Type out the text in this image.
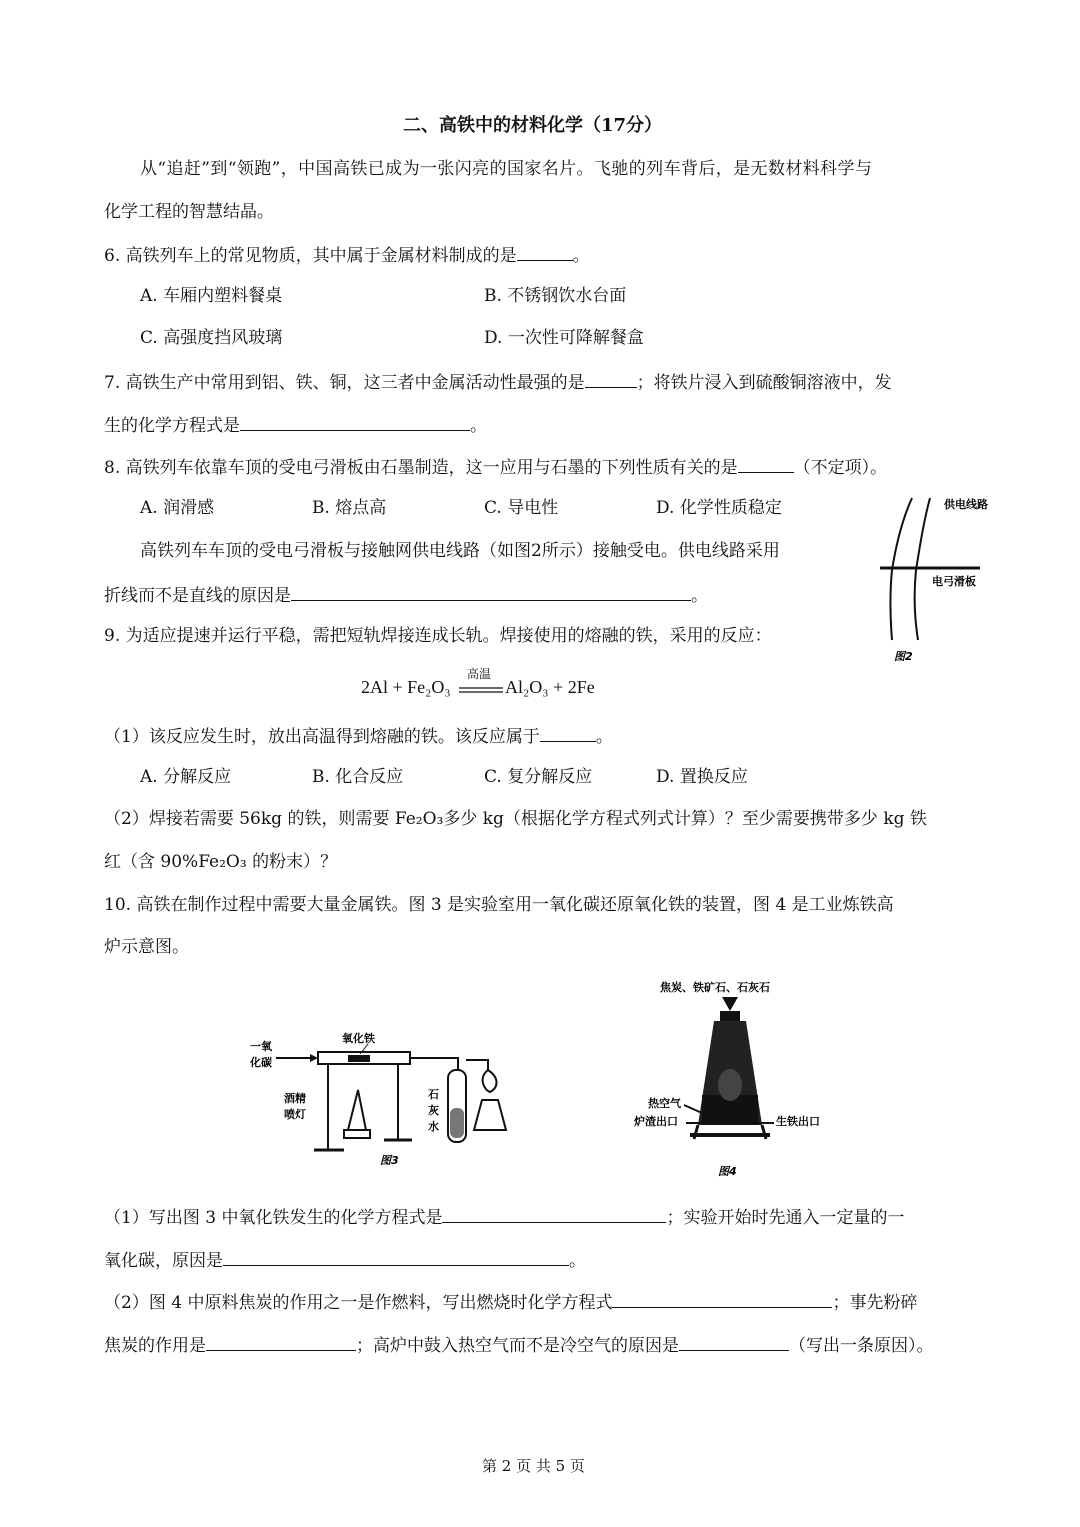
二、高铁中的材料化学（17分）
从“追赶”到“领跑”，中国高铁已成为一张闪亮的国家名片。飞驰的列车背后，是无数材料科学与
化学工程的智慧结晶。
6. 高铁列车上的常见物质，其中属于金属材料制成的是	。
A. 车厢内塑料餐桌	B. 不锈钢饮水台面
C. 高强度挡风玻璃	D. 一次性可降解餐盒
7. 高铁生产中常用到铝、铁、铜，这三者中金属活动性最强的是	；将铁片浸入到硫酸铜溶液中，发
生的化学方程式是	。
8. 高铁列车依靠车顶的受电弓滑板由石墨制造，这一应用与石墨的下列性质有关的是	（不定项）。
A. 润滑感	B. 熔点高	C. 导电性	D. 化学性质稳定
高铁列车车顶的受电弓滑板与接触网供电线路（如图2所示）接触受电。供电线路采用
折线而不是直线的原因是	。
供电线路
电弓滑板
图2
9. 为适应提速并运行平稳，需把短轨焊接连成长轨。焊接使用的熔融的铁，采用的反应：
2Al + Fe₂O₃
高温
Al₂O₃ + 2Fe
（1）该反应发生时，放出高温得到熔融的铁。该反应属于	。
A. 分解反应	B. 化合反应	C. 复分解反应	D. 置换反应
（2）焊接若需要 56kg 的铁，则需要 Fe₂O₃多少 kg（根据化学方程式列式计算）？至少需要携带多少 kg 铁
红（含 90%Fe₂O₃ 的粉末）？
10. 高铁在制作过程中需要大量金属铁。图 3 是实验室用一氧化碳还原氧化铁的装置，图 4 是工业炼铁高
炉示意图。
一氧
化碳
氧化铁
酒精
喷灯
石
灰
水
图3
焦炭、铁矿石、石灰石
热空气
炉渣出口	生铁出口
图4
（1）写出图 3 中氧化铁发生的化学方程式是	；实验开始时先通入一定量的一
氧化碳，原因是	。
（2）图 4 中原料焦炭的作用之一是作燃料，写出燃烧时化学方程式	；事先粉碎
焦炭的作用是	；高炉中鼓入热空气而不是冷空气的原因是	（写出一条原因）。
第 2 页 共 5 页
